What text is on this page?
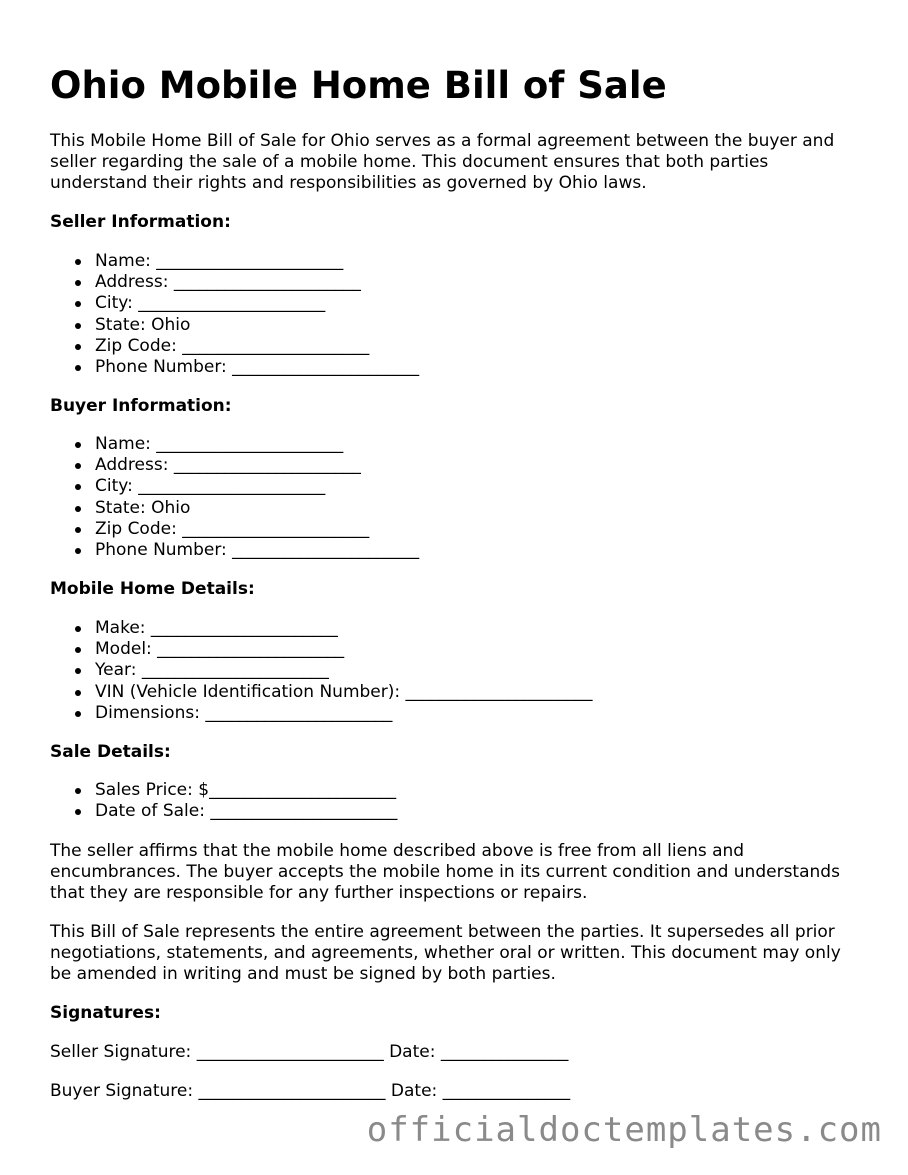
Ohio Mobile Home Bill of Sale

This Mobile Home Bill of Sale for Ohio serves as a formal agreement between the buyer and seller regarding the sale of a mobile home. This document ensures that both parties understand their rights and responsibilities as governed by Ohio laws.

Seller Information:
Name: ______________________
Address: ______________________
City: ______________________
State: Ohio
Zip Code: ______________________
Phone Number: ______________________
Buyer Information:
Name: ______________________
Address: ______________________
City: ______________________
State: Ohio
Zip Code: ______________________
Phone Number: ______________________
Mobile Home Details:
Make: ______________________
Model: ______________________
Year: ______________________
VIN (Vehicle Identification Number): ______________________
Dimensions: ______________________
Sale Details:
Sales Price: $______________________
Date of Sale: ______________________

The seller affirms that the mobile home described above is free from all liens and encumbrances. The buyer accepts the mobile home in its current condition and understands that they are responsible for any further inspections or repairs.

This Bill of Sale represents the entire agreement between the parties. It supersedes all prior negotiations, statements, and agreements, whether oral or written. This document may only be amended in writing and must be signed by both parties.

Signatures:

Seller Signature: ______________________ Date: _______________

Buyer Signature: ______________________ Date: _______________

officialdoctemplates.com
